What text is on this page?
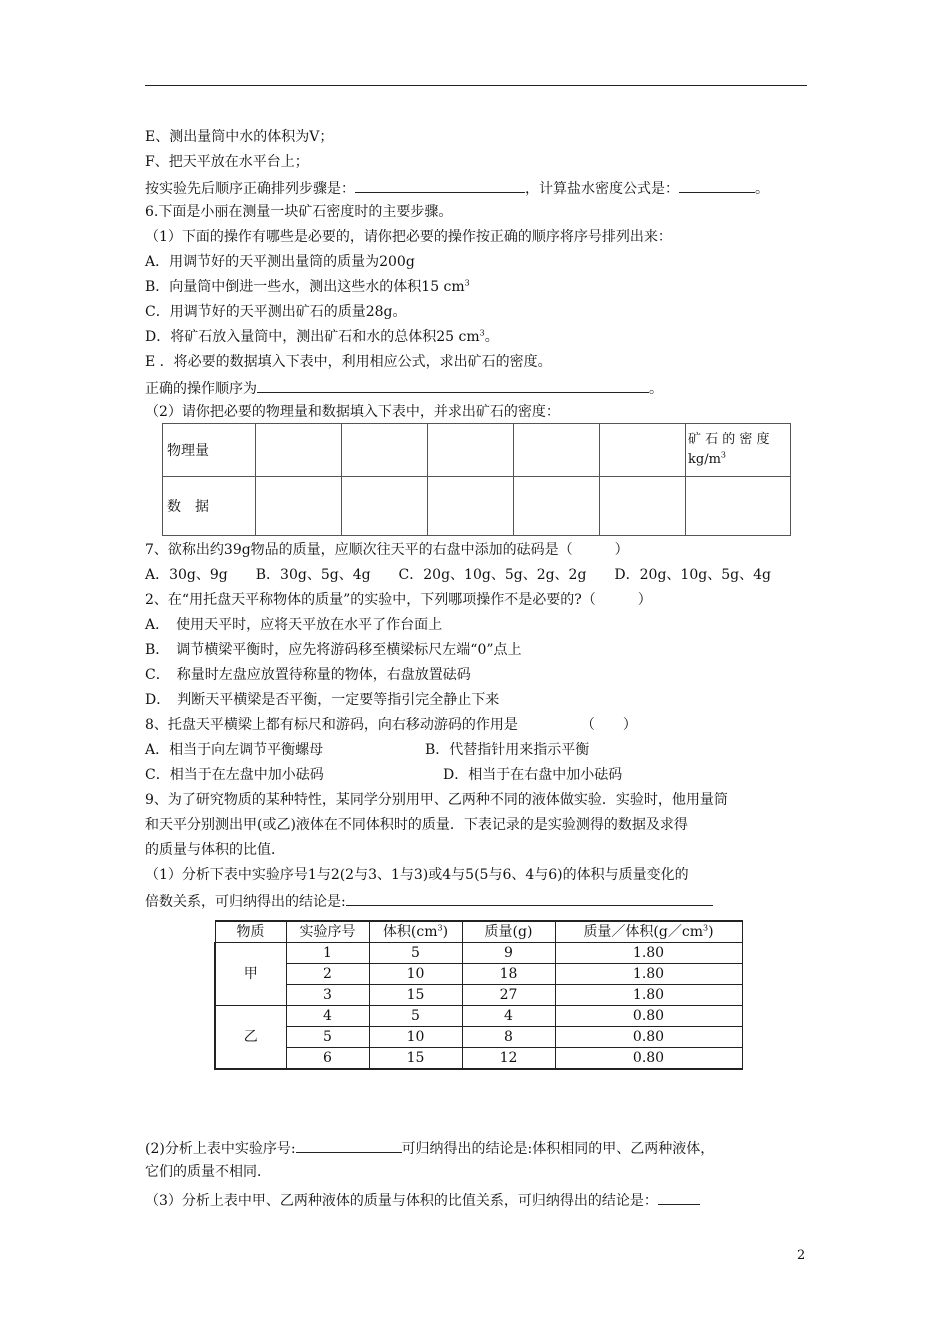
E、测出量筒中水的体积为V；
F、把天平放在水平台上；
按实验先后顺序正确排列步骤是：	，计算盐水密度公式是：	。
6.下面是小丽在测量一块矿石密度时的主要步骤。
（1）下面的操作有哪些是必要的，请你把必要的操作按正确的顺序将序号排列出来：
A．用调节好的天平测出量筒的质量为200g
B．向量筒中倒进一些水，测出这些水的体积15 $cm^3$
C．用调节好的天平测出矿石的质量28g。
D．将矿石放入量筒中，测出矿石和水的总体积25 $cm^3$。
E ．将必要的数据填入下表中，利用相应公式，求出矿石的密度。
正确的操作顺序为	。
（2）请你把必要的物理量和数据填入下表中，并求出矿石的密度：
物理量						矿 石 的 密 度
$kg/m^3$

数　据						
7、欲称出约39g物品的质量，应顺次往天平的右盘中添加的砝码是（　　　）
A．30g、9g　　B．30g、5g、4g　　C．20g、10g、5g、2g、2g　　D．20g、10g、5g、4g
2、在“用托盘天平称物体的质量”的实验中，下列哪项操作不是必要的?（　　　）
A．　使用天平时，应将天平放在水平了作台面上
B．　调节横梁平衡时，应先将游码移至横梁标尺左端“0”点上
C．　称量时左盘应放置待称量的物体，右盘放置砝码
D．　判断天平横梁是否平衡，一定要等指引完全静止下来
8、托盘天平横梁上都有标尺和游码，向右移动游码的作用是　　　　　（　　）
A．相当于向左调节平衡螺母	B．代替指针用来指示平衡
C．相当于在左盘中加小砝码	D．相当于在右盘中加小砝码
9、为了研究物质的某种特性，某同学分别用甲、乙两种不同的液体做实验．实验时，他用量筒
和天平分别测出甲(或乙)液体在不同体积时的质量．下表记录的是实验测得的数据及求得
的质量与体积的比值．
（1）分析下表中实验序号1与2(2与3、1与3)或4与5(5与6、4与6)的体积与质量变化的
倍数关系，可归纳得出的结论是:
物质	实验序号	体积$(cm^3)$	质量(g)	质量／体积$(g/cm^3)$
甲	1	5	9	1.80
	2	10	18	1.80
	3	15	27	1.80
乙	4	5	4	0.80
	5	10	8	0.80
	6	15	12	0.80
(2)分析上表中实验序号:	可归纳得出的结论是:体积相同的甲、乙两种液体，
它们的质量不相同．
（3）分析上表中甲、乙两种液体的质量与体积的比值关系，可归纳得出的结论是：
2
